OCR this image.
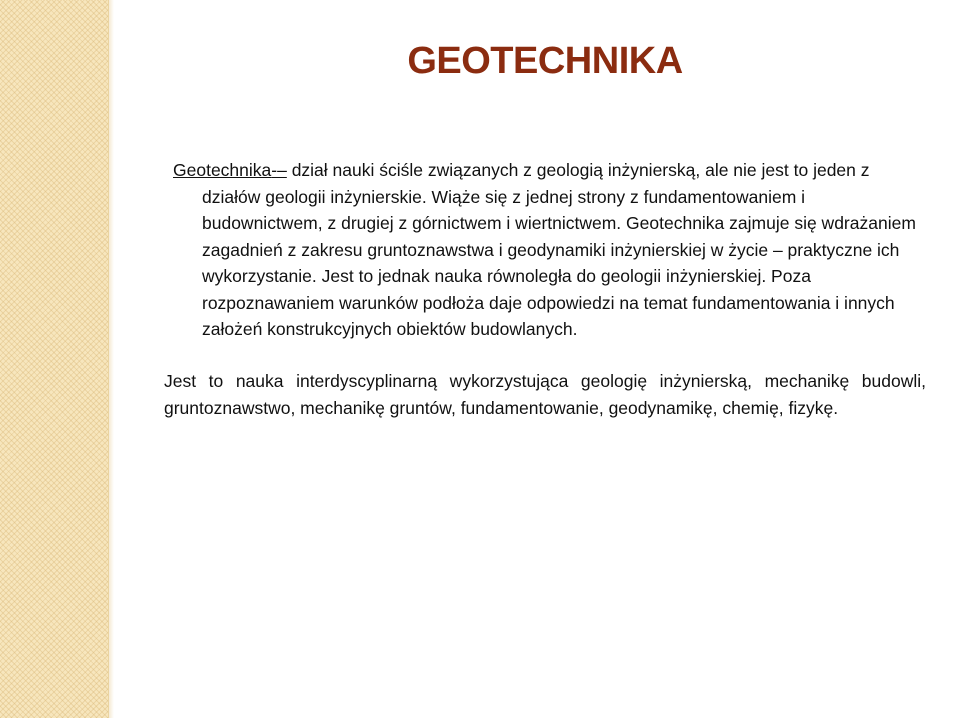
GEOTECHNIKA
Geotechnika-– dział nauki ściśle związanych z geologią inżynierską, ale nie jest to jeden z działów geologii inżynierskie. Wiąże się z jednej strony z fundamentowaniem i budownictwem, z drugiej z górnictwem i wiertnictwem. Geotechnika zajmuje się wdrażaniem zagadnień z zakresu gruntoznawstwa i geodynamiki inżynierskiej w życie – praktyczne ich wykorzystanie. Jest to jednak nauka równoległa do geologii inżynierskiej. Poza rozpoznawaniem warunków podłoża daje odpowiedzi na temat fundamentowania i innych założeń konstrukcyjnych obiektów budowlanych.
Jest to nauka interdyscyplinarną wykorzystująca geologię inżynierską, mechanikę budowli, gruntoznawstwo, mechanikę gruntów, fundamentowanie, geodynamikę, chemię, fizykę.
